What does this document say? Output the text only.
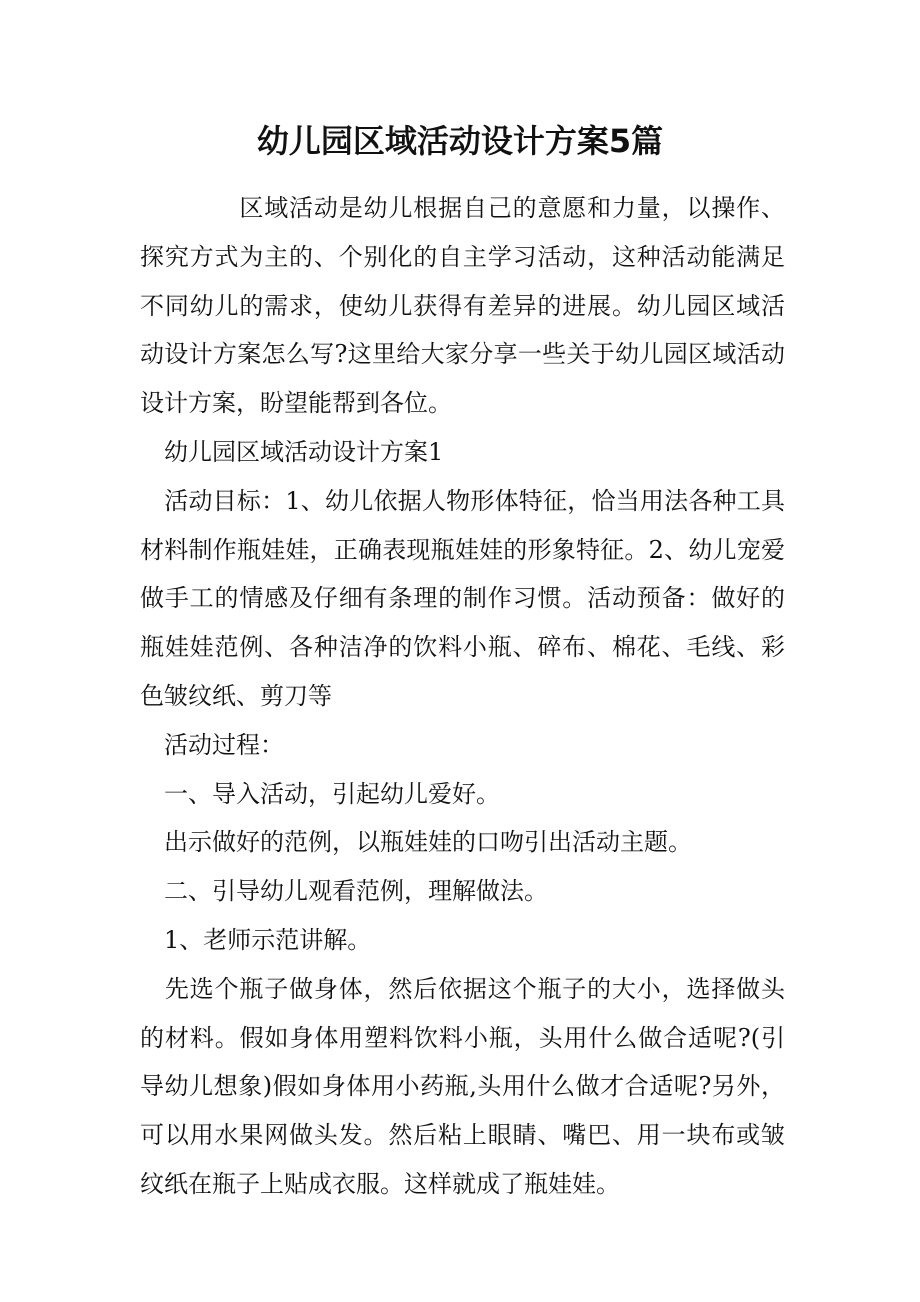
幼儿园区域活动设计方案5篇

　　　　区域活动是幼儿根据自己的意愿和力量，以操作、探究方式为主的、个别化的自主学习活动，这种活动能满足不同幼儿的需求，使幼儿获得有差异的进展。幼儿园区域活动设计方案怎么写?这里给大家分享一些关于幼儿园区域活动设计方案，盼望能帮到各位。

　幼儿园区域活动设计方案1

　活动目标：1、幼儿依据人物形体特征，恰当用法各种工具材料制作瓶娃娃，正确表现瓶娃娃的形象特征。2、幼儿宠爱做手工的情感及仔细有条理的制作习惯。活动预备：做好的瓶娃娃范例、各种洁净的饮料小瓶、碎布、棉花、毛线、彩色皱纹纸、剪刀等

　活动过程：

　一、导入活动，引起幼儿爱好。

　出示做好的范例，以瓶娃娃的口吻引出活动主题。

　二、引导幼儿观看范例，理解做法。

　1、老师示范讲解。

　先选个瓶子做身体，然后依据这个瓶子的大小，选择做头的材料。假如身体用塑料饮料小瓶，头用什么做合适呢?(引导幼儿想象)假如身体用小药瓶,头用什么做才合适呢?另外，可以用水果网做头发。然后粘上眼睛、嘴巴、用一块布或皱纹纸在瓶子上贴成衣服。这样就成了瓶娃娃。
